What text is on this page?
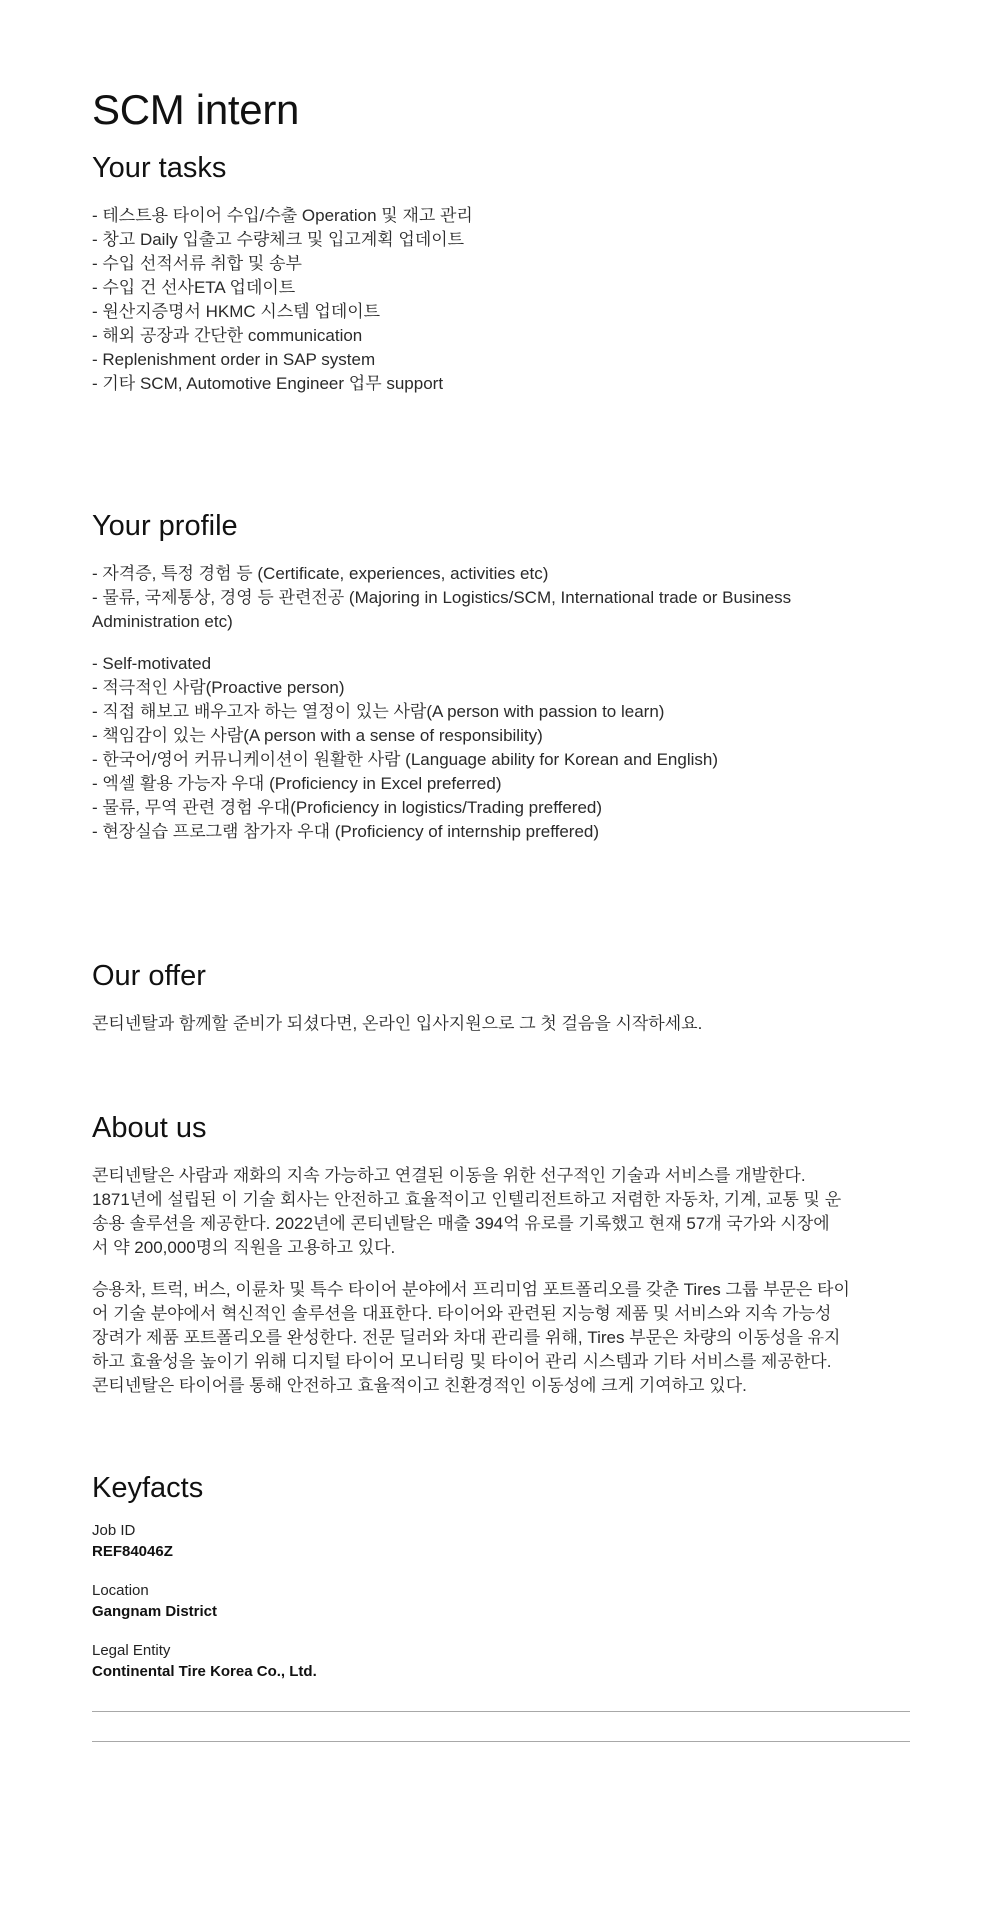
SCM intern
Your tasks
- 테스트용 타이어 수입/수출 Operation 및 재고 관리
- 창고 Daily 입출고 수량체크 및 입고계획 업데이트
- 수입 선적서류 취합 및 송부
- 수입 건 선사ETA 업데이트
- 원산지증명서 HKMC 시스템 업데이트
- 해외 공장과 간단한 communication
- Replenishment order in SAP system
- 기타 SCM, Automotive Engineer 업무 support
Your profile
- 자격증, 특정 경험 등 (Certificate, experiences, activities etc)
- 물류, 국제통상, 경영 등 관련전공 (Majoring in Logistics/SCM, International trade or Business
Administration etc)
- Self-motivated
- 적극적인 사람(Proactive person)
- 직접 해보고 배우고자 하는 열정이 있는 사람(A person with passion to learn)
- 책임감이 있는 사람(A person with a sense of responsibility)
- 한국어/영어 커뮤니케이션이 원활한 사람 (Language ability for Korean and English)
- 엑셀 활용 가능자 우대 (Proficiency in Excel preferred)
- 물류, 무역 관련 경험 우대(Proficiency in logistics/Trading preffered)
- 현장실습 프로그램 참가자 우대 (Proficiency of internship preffered)
Our offer

콘티넨탈과 함께할 준비가 되셨다면, 온라인 입사지원으로 그 첫 걸음을 시작하세요.

About us
콘티넨탈은 사람과 재화의 지속 가능하고 연결된 이동을 위한 선구적인 기술과 서비스를 개발한다.
1871년에 설립된 이 기술 회사는 안전하고 효율적이고 인텔리전트하고 저렴한 자동차, 기계, 교통 및 운
송용 솔루션을 제공한다. 2022년에 콘티넨탈은 매출 394억 유로를 기록했고 현재 57개 국가와 시장에
서 약 200,000명의 직원을 고용하고 있다.
승용차, 트럭, 버스, 이륜차 및 특수 타이어 분야에서 프리미엄 포트폴리오를 갖춘 Tires 그룹 부문은 타이
어 기술 분야에서 혁신적인 솔루션을 대표한다. 타이어와 관련된 지능형 제품 및 서비스와 지속 가능성
장려가 제품 포트폴리오를 완성한다. 전문 딜러와 차대 관리를 위해, Tires 부문은 차량의 이동성을 유지
하고 효율성을 높이기 위해 디지털 타이어 모니터링 및 타이어 관리 시스템과 기타 서비스를 제공한다.
콘티넨탈은 타이어를 통해 안전하고 효율적이고 친환경적인 이동성에 크게 기여하고 있다.
Keyfacts
Job ID
REF84046Z
Location
Gangnam District
Legal Entity
Continental Tire Korea Co., Ltd.
